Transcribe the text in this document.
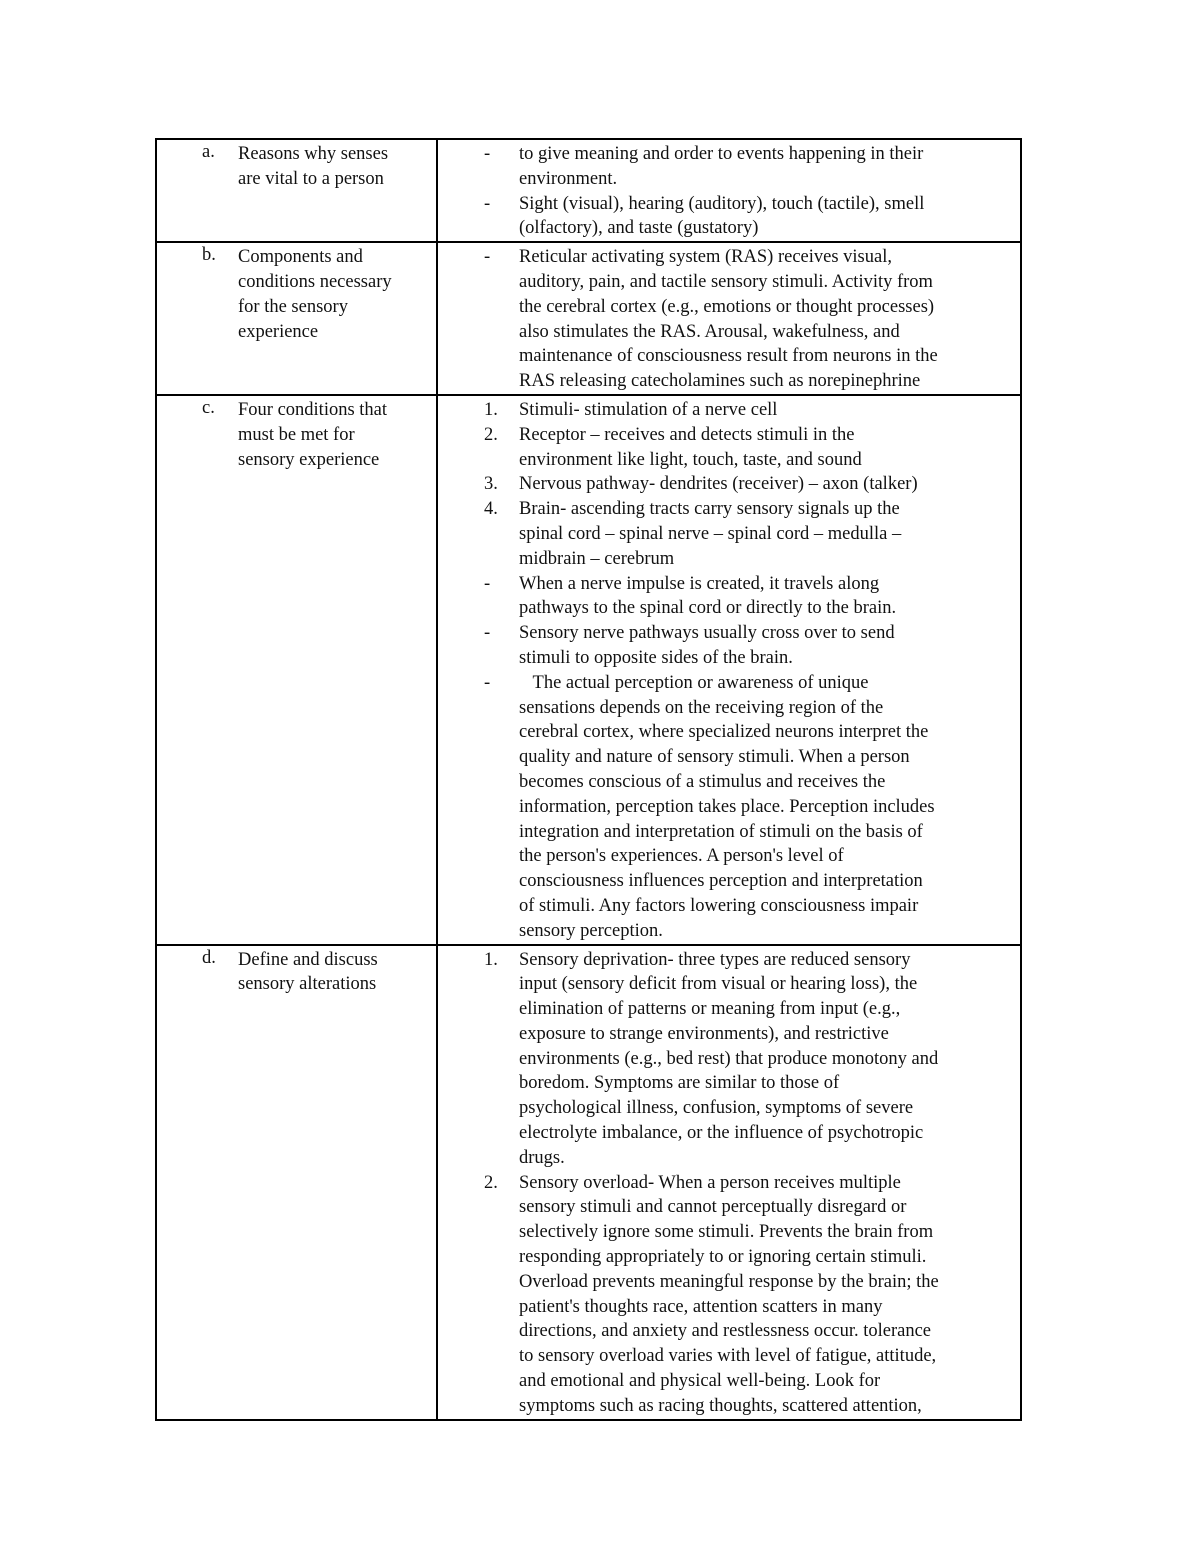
a. Reasons why senses
are vital to a person
-	to give meaning and order to events happening in their
environment.
-	Sight (visual), hearing (auditory), touch (tactile), smell
(olfactory), and taste (gustatory)
b. Components and
conditions necessary
for the sensory
experience
-	Reticular activating system (RAS) receives visual,
auditory, pain, and tactile sensory stimuli. Activity from
the cerebral cortex (e.g., emotions or thought processes)
also stimulates the RAS. Arousal, wakefulness, and
maintenance of consciousness result from neurons in the
RAS releasing catecholamines such as norepinephrine
c. Four conditions that
must be met for
sensory experience
1.	Stimuli- stimulation of a nerve cell
2.	Receptor – receives and detects stimuli in the
environment like light, touch, taste, and sound
3.	Nervous pathway- dendrites (receiver) – axon (talker)
4.	Brain- ascending tracts carry sensory signals up the
spinal cord – spinal nerve – spinal cord – medulla –
midbrain – cerebrum
-	When a nerve impulse is created, it travels along
pathways to the spinal cord or directly to the brain.
-	Sensory nerve pathways usually cross over to send
stimuli to opposite sides of the brain.
-	The actual perception or awareness of unique
sensations depends on the receiving region of the
cerebral cortex, where specialized neurons interpret the
quality and nature of sensory stimuli. When a person
becomes conscious of a stimulus and receives the
information, perception takes place. Perception includes
integration and interpretation of stimuli on the basis of
the person's experiences. A person's level of
consciousness influences perception and interpretation
of stimuli. Any factors lowering consciousness impair
sensory perception.
d. Define and discuss
sensory alterations
1.	Sensory deprivation- three types are reduced sensory
input (sensory deficit from visual or hearing loss), the
elimination of patterns or meaning from input (e.g.,
exposure to strange environments), and restrictive
environments (e.g., bed rest) that produce monotony and
boredom. Symptoms are similar to those of
psychological illness, confusion, symptoms of severe
electrolyte imbalance, or the influence of psychotropic
drugs.
2.	Sensory overload- When a person receives multiple
sensory stimuli and cannot perceptually disregard or
selectively ignore some stimuli. Prevents the brain from
responding appropriately to or ignoring certain stimuli.
Overload prevents meaningful response by the brain; the
patient's thoughts race, attention scatters in many
directions, and anxiety and restlessness occur. tolerance
to sensory overload varies with level of fatigue, attitude,
and emotional and physical well-being. Look for
symptoms such as racing thoughts, scattered attention,
